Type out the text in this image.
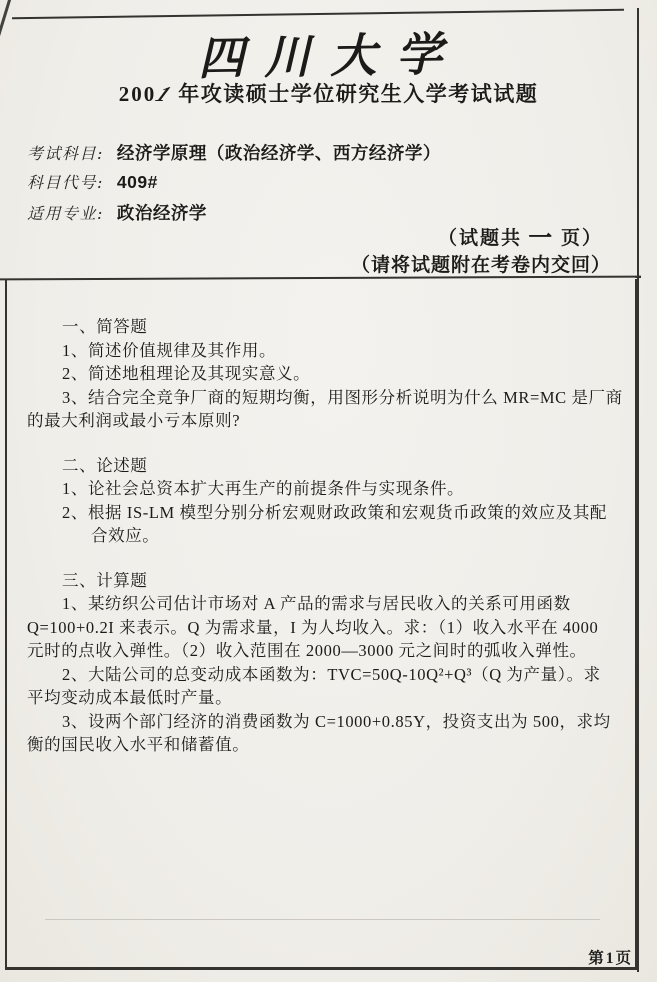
四川大学
2001年攻读硕士学位研究生入学考试试题
考试科目: 经济学原理（政治经济学、西方经济学）
科目代号: 409#
适用专业: 政治经济学
（试题共 一 页）
（请将试题附在考卷内交回）
一、简答题
1、简述价值规律及其作用。
2、简述地租理论及其现实意义。
3、结合完全竞争厂商的短期均衡，用图形分析说明为什么 MR=MC 是厂商
的最大利润或最小亏本原则?
二、论述题
1、论社会总资本扩大再生产的前提条件与实现条件。
2、根据 IS-LM 模型分别分析宏观财政政策和宏观货币政策的效应及其配
合效应。
三、计算题
1、某纺织公司估计市场对 A 产品的需求与居民收入的关系可用函数
Q=100+0.2I 来表示。Q 为需求量，I 为人均收入。求：（1）收入水平在 4000
元时的点收入弹性。（2）收入范围在 2000—3000 元之间时的弧收入弹性。
2、大陆公司的总变动成本函数为：TVC=50Q-10Q²+Q³（Q 为产量）。求
平均变动成本最低时产量。
3、设两个部门经济的消费函数为 C=1000+0.85Y，投资支出为 500，求均
衡的国民收入水平和储蓄值。
第1页
